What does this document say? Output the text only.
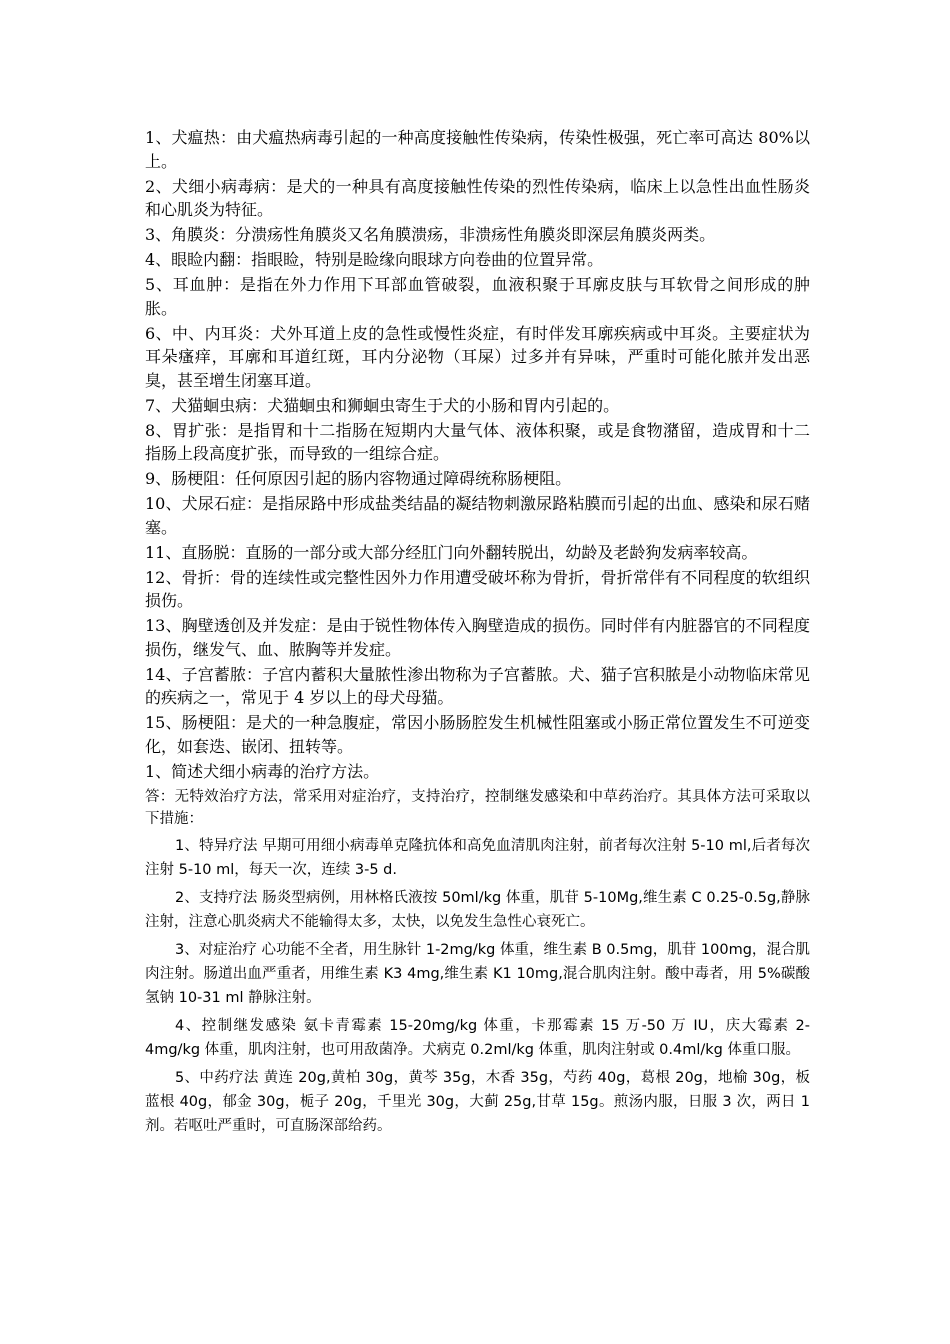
1、犬瘟热：由犬瘟热病毒引起的一种高度接触性传染病，传染性极强，死亡率可高达 80%以上。

2、犬细小病毒病：是犬的一种具有高度接触性传染的烈性传染病，临床上以急性出血性肠炎和心肌炎为特征。

3、角膜炎：分溃疡性角膜炎又名角膜溃疡，非溃疡性角膜炎即深层角膜炎两类。

4、眼睑内翻：指眼睑，特别是睑缘向眼球方向卷曲的位置异常。

5、耳血肿：是指在外力作用下耳部血管破裂，血液积聚于耳廓皮肤与耳软骨之间形成的肿胀。

6、中、内耳炎：犬外耳道上皮的急性或慢性炎症，有时伴发耳廓疾病或中耳炎。主要症状为耳朵瘙痒，耳廓和耳道红斑，耳内分泌物（耳屎）过多并有异味，严重时可能化脓并发出恶臭，甚至增生闭塞耳道。

7、犬猫蛔虫病：犬猫蛔虫和狮蛔虫寄生于犬的小肠和胃内引起的。

8、胃扩张：是指胃和十二指肠在短期内大量气体、液体积聚，或是食物潴留，造成胃和十二指肠上段高度扩张，而导致的一组综合症。

9、肠梗阻：任何原因引起的肠内容物通过障碍统称肠梗阻。

10、犬尿石症：是指尿路中形成盐类结晶的凝结物刺激尿路粘膜而引起的出血、感染和尿石赌塞。

11、直肠脱：直肠的一部分或大部分经肛门向外翻转脱出，幼龄及老龄狗发病率较高。

12、骨折：骨的连续性或完整性因外力作用遭受破坏称为骨折，骨折常伴有不同程度的软组织损伤。

13、胸壁透创及并发症：是由于锐性物体传入胸壁造成的损伤。同时伴有内脏器官的不同程度损伤，继发气、血、脓胸等并发症。

14、子宫蓄脓：子宫内蓄积大量脓性渗出物称为子宫蓄脓。犬、猫子宫积脓是小动物临床常见的疾病之一，常见于 4 岁以上的母犬母猫。

15、肠梗阻：是犬的一种急腹症，常因小肠肠腔发生机械性阻塞或小肠正常位置发生不可逆变化，如套迭、嵌闭、扭转等。

1、简述犬细小病毒的治疗方法。

答：无特效治疗方法，常采用对症治疗，支持治疗，控制继发感染和中草药治疗。其具体方法可采取以下措施：

1、特异疗法 早期可用细小病毒单克隆抗体和高免血清肌肉注射，前者每次注射 5-10 ml,后者每次注射 5-10 ml，每天一次，连续 3-5 d.

2、支持疗法 肠炎型病例，用林格氏液按 50ml/kg 体重，肌苷 5-10Mg,维生素 C 0.25-0.5g,静脉注射，注意心肌炎病犬不能输得太多，太快，以免发生急性心衰死亡。

3、对症治疗 心功能不全者，用生脉针 1-2mg/kg 体重，维生素 B 0.5mg，肌苷 100mg，混合肌肉注射。肠道出血严重者，用维生素 K3 4mg,维生素 K1 10mg,混合肌肉注射。酸中毒者，用 5%碳酸氢钠 10-31 ml 静脉注射。

4、控制继发感染 氨卡青霉素 15-20mg/kg 体重，卡那霉素 15 万-50 万 IU，庆大霉素 2-4mg/kg 体重，肌肉注射，也可用敌菌净。犬病克 0.2ml/kg 体重，肌肉注射或 0.4ml/kg 体重口服。

5、中药疗法 黄连 20g,黄柏 30g，黄芩 35g，木香 35g，芍药 40g，葛根 20g，地榆 30g，板蓝根 40g，郁金 30g，栀子 20g，千里光 30g，大蓟 25g,甘草 15g。煎汤内服，日服 3 次，两日 1 剂。若呕吐严重时，可直肠深部给药。
